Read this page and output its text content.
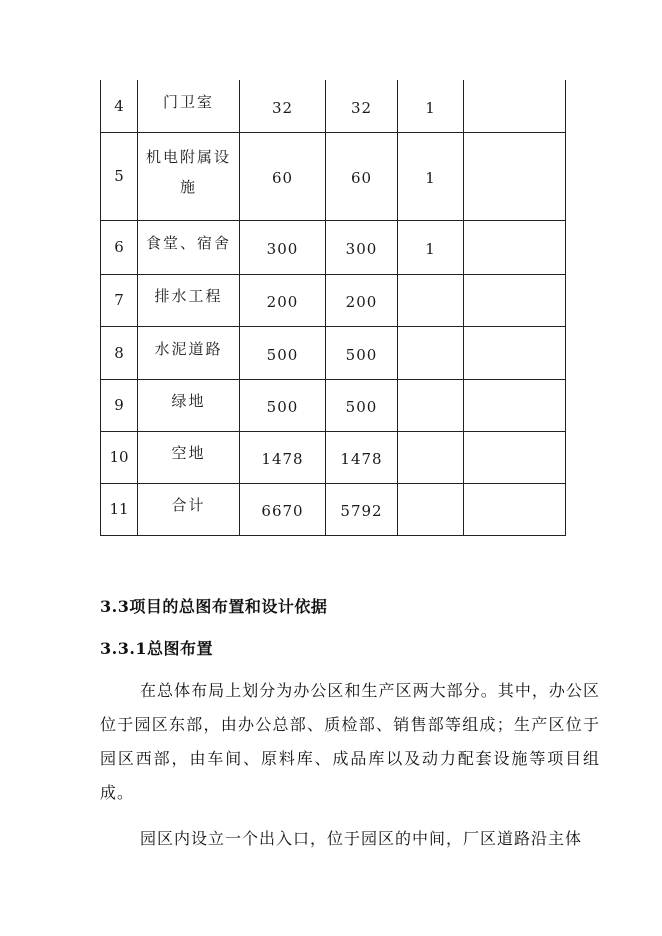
4	门卫室	32	32	1	
5	机电附属设施	60	60	1	
6	食堂、宿舍	300	300	1	
7	排水工程	200	200		
8	水泥道路	500	500		
9	绿地	500	500		
10	空地	1478	1478		
11	合计	6670	5792		
3.3项目的总图布置和设计依据
3.3.1总图布置

在总体布局上划分为办公区和生产区两大部分。其中，办公区位于园区东部，由办公总部、质检部、销售部等组成；生产区位于园区西部，由车间、原料库、成品库以及动力配套设施等项目组成。

园区内设立一个出入口，位于园区的中间，厂区道路沿主体
